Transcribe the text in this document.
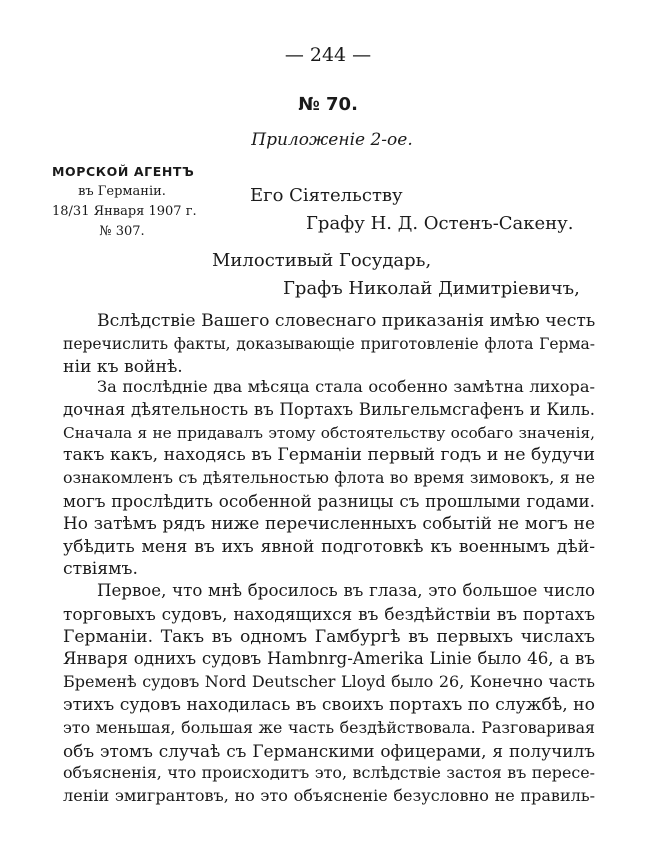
— 244 —
№ 70.
Приложеніе 2-ое.
МОРСКОЙ АГЕНТЪ
въ Германіи.
18/31 Января 1907 г.
№ 307.
Его Сіятельству
Графу Н. Д. Остенъ-Сакену.
Милостивый Государь,
Графъ Николай Димитріевичъ,
Вслѣдствіе Вашего словеснаго приказанія имѣю честь
перечислить факты, доказывающіе приготовленіе флота Герма-
ніи къ войнѣ.
За послѣдніе два мѣсяца стала особенно замѣтна лихора-
дочная дѣятельность въ Портахъ Вильгельмсгафенъ и Киль.
Сначала я не придавалъ этому обстоятельству особаго значенія,
такъ какъ, находясь въ Германіи первый годъ и не будучи
ознакомленъ съ дѣятельностью флота во время зимовокъ, я не
могъ прослѣдить особенной разницы съ прошлыми годами.
Но затѣмъ рядъ ниже перечисленныхъ событій не могъ не
убѣдить меня въ ихъ явной подготовкѣ къ военнымъ дѣй-
ствіямъ.
Первое, что мнѣ бросилось въ глаза, это большое число
торговыхъ судовъ, находящихся въ бездѣйствіи въ портахъ
Германіи. Такъ въ одномъ Гамбургѣ въ первыхъ числахъ
Января однихъ судовъ Hambnrg-Amerika Linie было 46, а въ
Бременѣ судовъ Nord Deutscher Lloyd было 26, Конечно часть
этихъ судовъ находилась въ своихъ портахъ по службѣ, но
это меньшая, большая же часть бездѣйствовала. Разговаривая
объ этомъ случаѣ съ Германскими офицерами, я получилъ
объясненія, что происходитъ это, вслѣдствіе застоя въ пересе-
леніи эмигрантовъ, но это объясненіе безусловно не правиль-
